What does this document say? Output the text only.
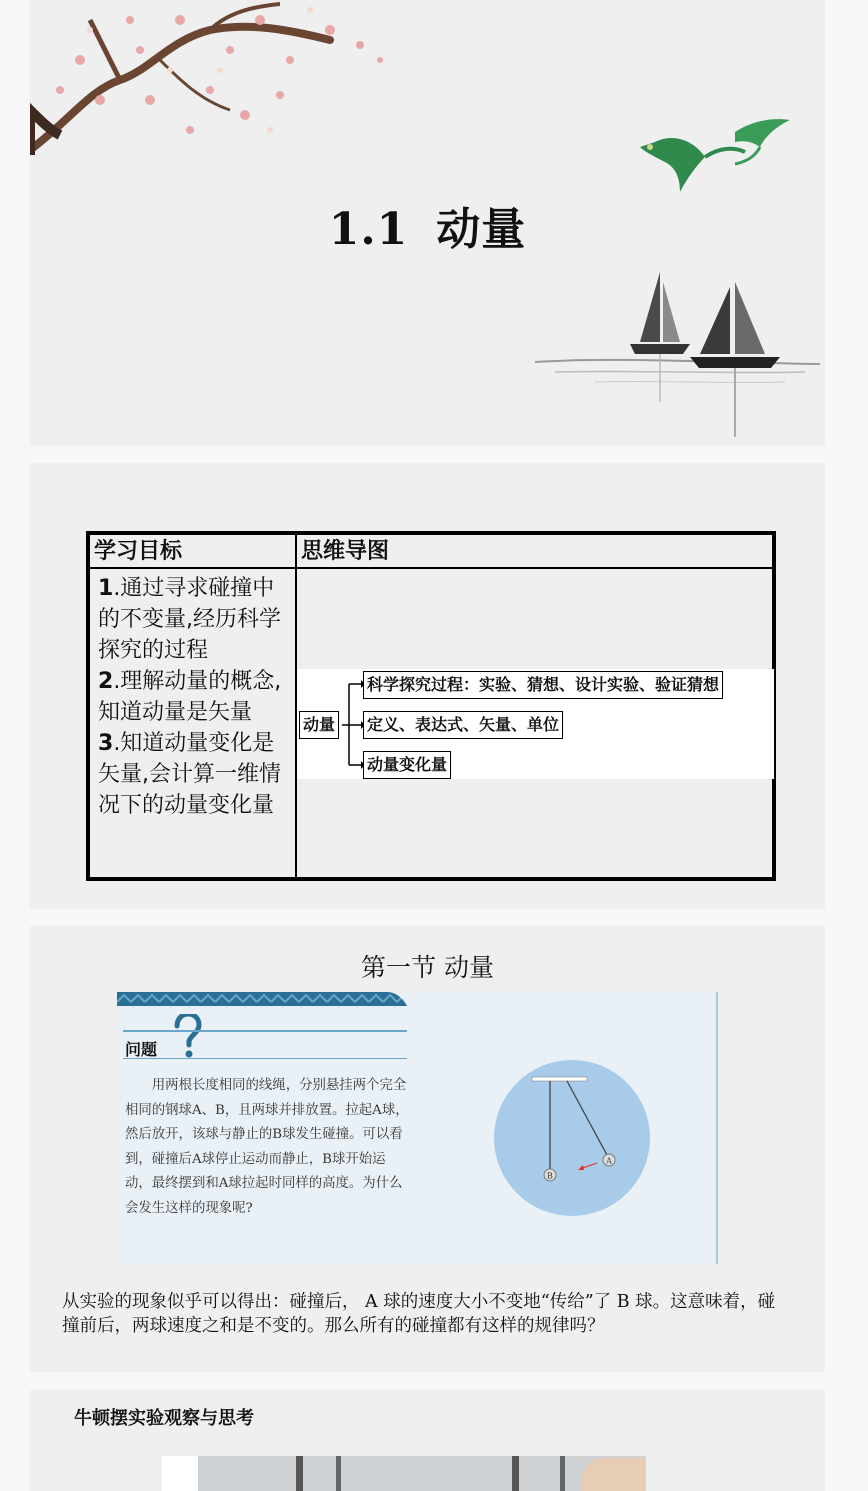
1.1 动量
学习目标	思维导图
1.通过寻求碰撞中的不变量,经历科学探究的过程
2.理解动量的概念,知道动量是矢量
3.知道动量变化是矢量,会计算一维情况下的动量变化量
动量
科学探究过程：实验、猜想、设计实验、验证猜想
定义、表达式、矢量、单位
动量变化量
第一节 动量
问题
用两根长度相同的线绳，分别悬挂两个完全相同的钢球A、B，且两球并排放置。拉起A球，然后放开，该球与静止的B球发生碰撞。可以看到，碰撞后A球停止运动而静止，B球开始运动，最终摆到和A球拉起时同样的高度。为什么会发生这样的现象呢?
B
A
从实验的现象似乎可以得出：碰撞后， A 球的速度大小不变地“传给”了 B 球。这意味着，碰撞前后，两球速度之和是不变的。那么所有的碰撞都有这样的规律吗？
牛顿摆实验观察与思考
